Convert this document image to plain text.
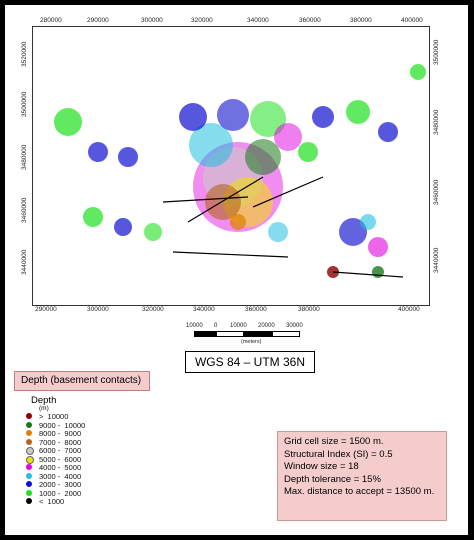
280000	290000	300000	320000	340000	360000	380000	400000
3520000
3500000
3480000
3460000
3440000
3500000
3480000
3460000
3440000
290000	300000	320000	340000	360000	380000	400000
10000 0 10000 20000 30000
(meters)
WGS 84 – UTM 36N
Depth (basement contacts)
Depth
(m)
>  10000
9000 -  10000
8000 -  9000
7000 -  8000
6000 -  7000
5000 -  6000
4000 -  5000
3000 -  4000
2000 -  3000
1000 -  2000
<  1000
Grid cell size = 1500 m.
Structural Index (SI) = 0.5
Window size = 18
Depth tolerance = 15%
Max. distance to accept = 13500 m.
